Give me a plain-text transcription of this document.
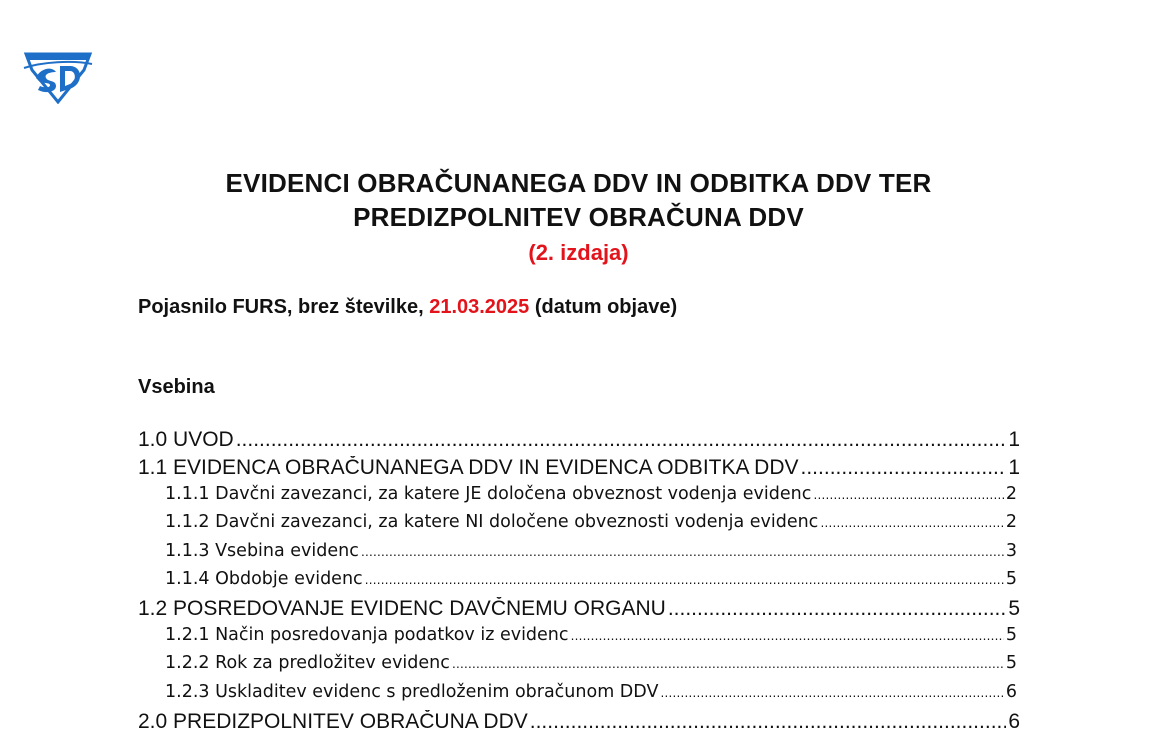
EVIDENCI OBRAČUNANEGA DDV IN ODBITKA DDV TER
PREDIZPOLNITEV OBRAČUNA DDV
(2. izdaja)
Pojasnilo FURS, brez številke, 21.03.2025 (datum objave)
Vsebina
1.0 UVOD .....	1
1.1 EVIDENCA OBRAČUNANEGA DDV IN EVIDENCA ODBITKA DDV .....	1
1.1.1 Davčni zavezanci, za katere JE določena obveznost vodenja evidenc ……………………………………………………………………………………………………………………………………………………………………………………………………………………………	2
1.1.2 Davčni zavezanci, za katere NI določene obveznosti vodenja evidenc ……………………………………………………………………………………………………………………………………………………………………………………………………………………………	2
1.1.3 Vsebina evidenc ……………………………………………………………………………………………………………………………………………………………………………………………………………………………	3
1.1.4 Obdobje evidenc ……………………………………………………………………………………………………………………………………………………………………………………………………………………………	5
1.2 POSREDOVANJE EVIDENC DAVČNEMU ORGANU .....	5
1.2.1 Način posredovanja podatkov iz evidenc ……………………………………………………………………………………………………………………………………………………………………………………………………………………………	5
1.2.2 Rok za predložitev evidenc ……………………………………………………………………………………………………………………………………………………………………………………………………………………………	5
1.2.3 Uskladitev evidenc s predloženim obračunom DDV ……………………………………………………………………………………………………………………………………………………………………………………………………………………………	6
2.0 PREDIZPOLNITEV OBRAČUNA DDV .....	6
